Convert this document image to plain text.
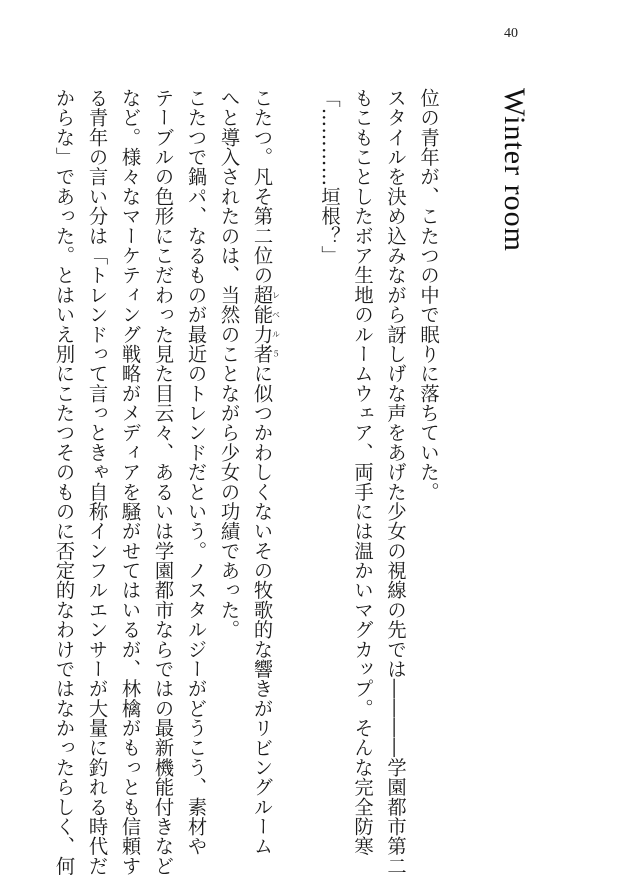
40
Winter room

位の青年が、こたつの中で眠りに落ちていた。

スタイルを決め込みながら訝しげな声をあげた少女の視線の先では――――学園都市第二

もこもことしたボア生地のルームウェア、両手には温かいマグカップ。そんな完全防寒

「…………垣根？」

こたつ。凡そ第二位の超能力者レベル５に似つかわしくないその牧歌的な響きがリビングルーム

へと導入されたのは、当然のことながら少女の功績であった。

こたつで鍋パ、なるものが最近のトレンドだという。ノスタルジーがどうこう、素材や

テーブルの色形にこだわった見た目云々、あるいは学園都市ならではの最新機能付きなど

など。様々なマーケティング戦略がメディアを騒がせてはいるが、林檎がもっとも信頼す

る青年の言い分は「トレンドって言っときゃ自称インフルエンサーが大量に釣れる時代だ

からな」であった。とはいえ別にこたつそのものに否定的なわけではなかったらしく、何
